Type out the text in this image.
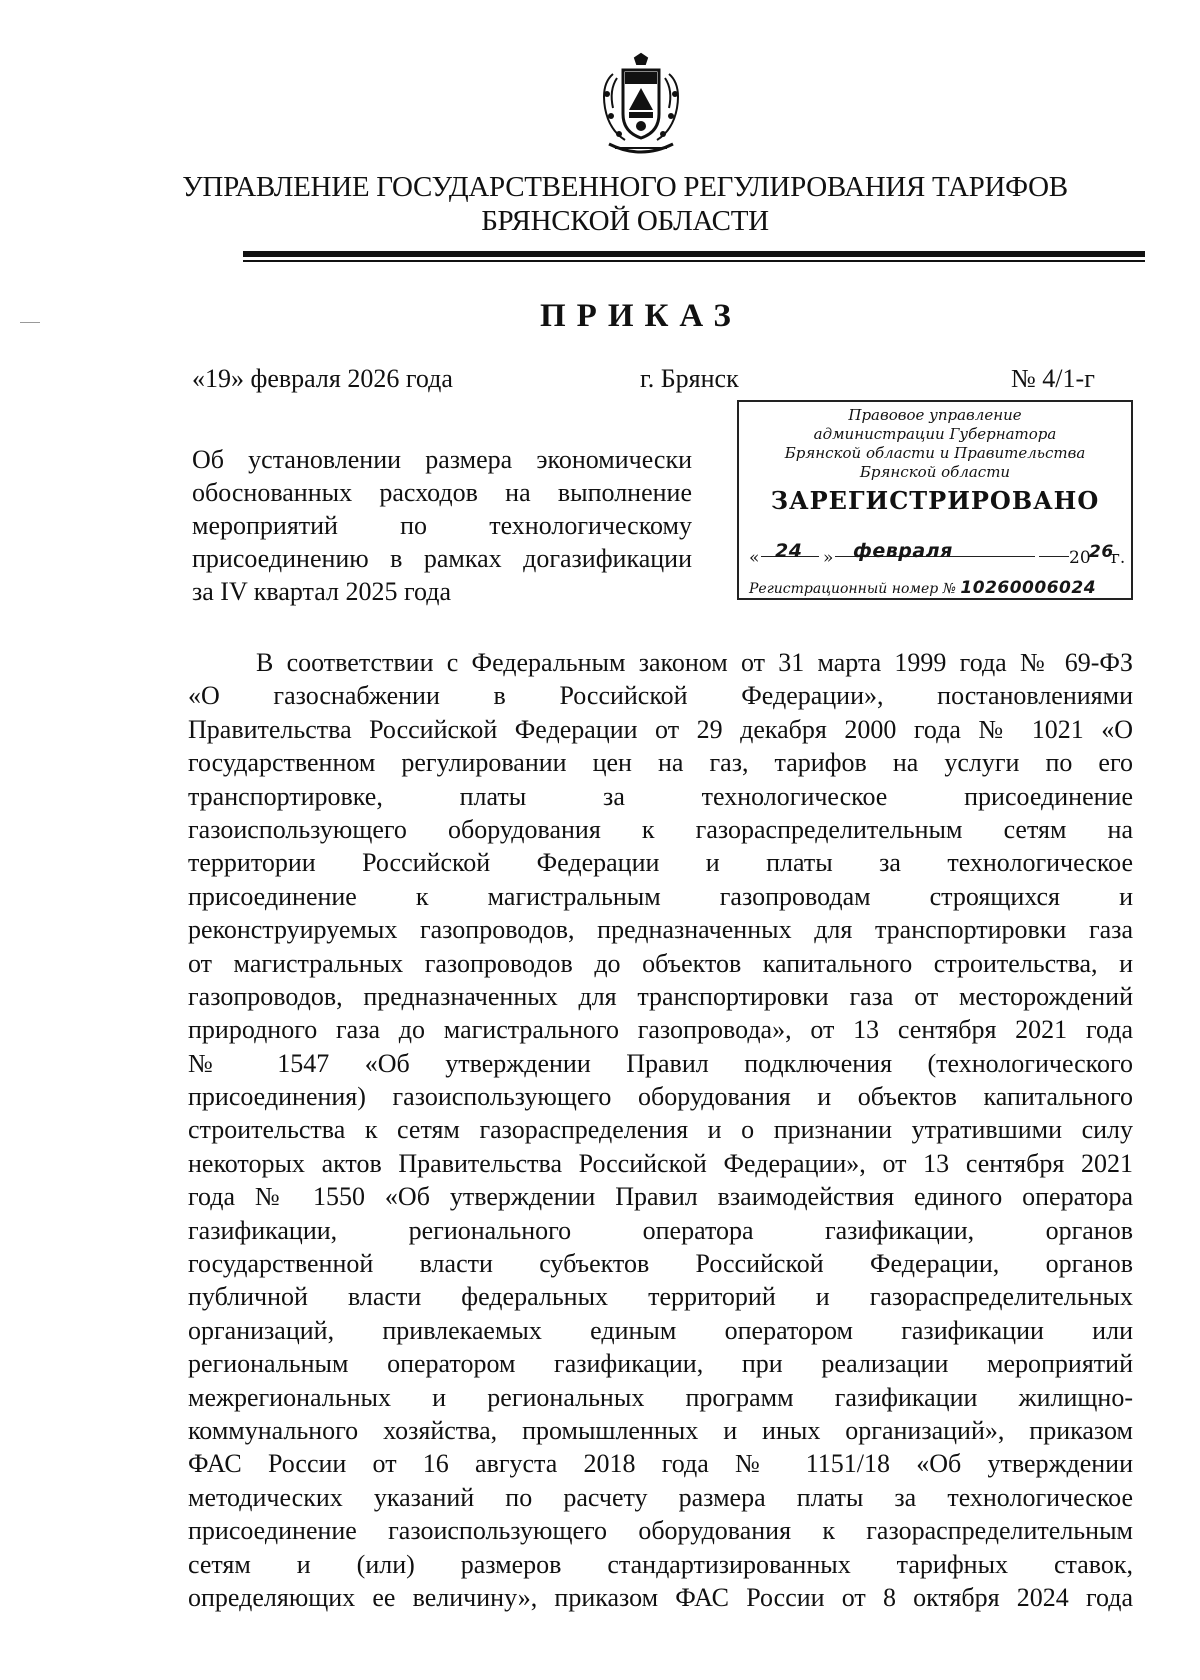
УПРАВЛЕНИЕ ГОСУДАРСТВЕННОГО РЕГУЛИРОВАНИЯ ТАРИФОВ
БРЯНСКОЙ ОБЛАСТИ
ПРИКАЗ
«19» февраля 2026 года	г. Брянск	№ 4/1-г
Об установлении размера экономически
обоснованных расходов на выполнение
мероприятий по технологическому
присоединению в рамках догазификации
за IV квартал 2025 года
Правовое управление
администрации Губернатора
Брянской области и Правительства
Брянской области
ЗАРЕГИСТРИРОВАНО
« 24 » февраля	20
26
г.
Регистрационный номер № 10260006024
В соответствии с Федеральным законом от 31 марта 1999 года № 69-ФЗ
«О газоснабжении в Российской Федерации», постановлениями
Правительства Российской Федерации от 29 декабря 2000 года № 1021 «О
государственном регулировании цен на газ, тарифов на услуги по его
транспортировке, платы за технологическое присоединение
газоиспользующего оборудования к газораспределительным сетям на
территории Российской Федерации и платы за технологическое
присоединение к магистральным газопроводам строящихся и
реконструируемых газопроводов, предназначенных для транспортировки газа
от магистральных газопроводов до объектов капитального строительства, и
газопроводов, предназначенных для транспортировки газа от месторождений
природного газа до магистрального газопровода», от 13 сентября 2021 года
№ 1547 «Об утверждении Правил подключения (технологического
присоединения) газоиспользующего оборудования и объектов капитального
строительства к сетям газораспределения и о признании утратившими силу
некоторых актов Правительства Российской Федерации», от 13 сентября 2021
года № 1550 «Об утверждении Правил взаимодействия единого оператора
газификации, регионального оператора газификации, органов
государственной власти субъектов Российской Федерации, органов
публичной власти федеральных территорий и газораспределительных
организаций, привлекаемых единым оператором газификации или
региональным оператором газификации, при реализации мероприятий
межрегиональных и региональных программ газификации жилищно-
коммунального хозяйства, промышленных и иных организаций», приказом
ФАС России от 16 августа 2018 года № 1151/18 «Об утверждении
методических указаний по расчету размера платы за технологическое
присоединение газоиспользующего оборудования к газораспределительным
сетям и (или) размеров стандартизированных тарифных ставок,
определяющих ее величину», приказом ФАС России от 8 октября 2024 года
